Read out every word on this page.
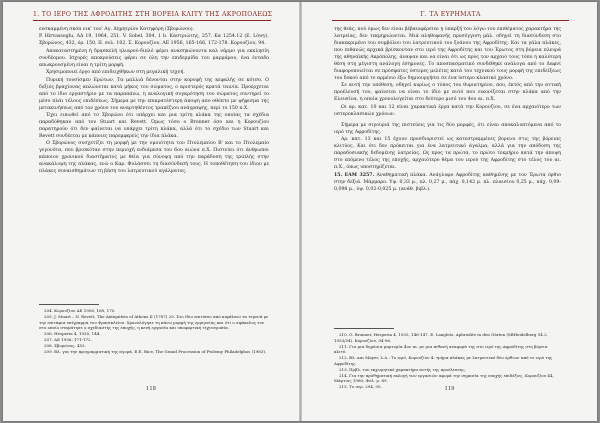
1. ΤΟ ΙΕΡΟ ΤΗΣ ΑΦΡΟΔΙΤΗΣ ΣΤΗ ΒΟΡΕΙΑ ΚΛΙΤΥ ΤΗΣ ΑΚΡΟΠΟΛΕΩΣ

ενσκαμμένη σκόπ νικ' του' Αγ. Δημητρίου Κατηφόρη (Σβορώνου).

P. Hirvassoglu, ΑΔ 19, 1964, 251. V. Sobel, 304, 1 b. Καστριώτης, 257. Κα 1254.12 (Ε. Löwy). Σβορώνος, 432, όρ. 150, ΙΙ. σελ. 102. Σ. Κορουζίου, ΑΕ 1956, 165-166, 172-178. Κορουζίου, 94.

Αποκαταστημένη ή δρασκελή ηλιαρού-διπλό φέρει ανασηκώνοντα καλ νάρμο για εκκλησίη συνδέομου. Ισχυρές αποκρούσεις φέρει σε όλη την επιδερμίδα του μαρμάρου, ένα ένταδο απωκρουσμένη είναι η τρίτη μορφή.

Χρησιμοποιεί έργο από επιδειχθήκων στη μεγαλική τεχνή.

Πυρική τουσίσμεν Ερώτων. Τα μαλλιά δένονται στην κορυφή της κεφαλής σε κότσο. Ο δεξιός βραχίονας απλώνεται κατά μήκος του σώματος, ο αριστερός κρατά ταινία. Προέρχεται από το ίδιο εργαστήριο με τα παραπάνω, η αναλογική συγκρότηση του σώματος συντηρεί το μέσο πλάι τέλους επιδέσεως. Σήμερα με την επικρατέστερη άποψη απο οθόπτο με ψήφισμα της μετακινήσεως από τον χρόνο του αναρτηθέντος τραπέζιου ανάγραψης, περί το 150 π.Χ.

Έχει ειπωθεί από το Σβορώνο ότι υπάρχει και μια τρίτη πλάκα της οποίας τα σχέδια παραδόθηκαν από τον Stuart και Revett. Όμως τόσο ο Bronner όσο και η Κορουζίου παρατηρούν ότι δεν φαίνεται να υπάρχει τρίτη πλάκα, αλλά ότι το σχέδιο των Stuart και Revett συνδέεται με κάποιες παρεμφερείς την ίδια πλάκα.

Ο Σβορώνος συσχετίζει τη μορφή με την ομοιότητα του Πτολεμαίου Β' και το Πτολεμαίο γεγονότα, που βρισκόταν στην περιοχή ενδιάμεσα του 6ου αιώνα π.Χ. Πιστεύει ότι άνθρωποι κάποιου χρονικού διαστήματος με θεία για σύνοψη από την παράδοση της τριπλής στην ανακάλυψη της πλάκας, ενώ ο Καρ. Φυλάσσει τη διασύνδεσή τους. Η τοποθέτηση του ίδιου με πλάκες συναισθημάτων τη βάση του λατρευτικού αγάλματος.

204. Κορουζίου ΑΕ 1956, 168, 170.
205. J. Stuart – N. Revett, The Antiquities of Athens II (1787) 29. Στο ίδιο επιτύπιο από κιφάλαιο τα τεμενά με την επιτάφια επίγραμμα του Φρασικλείου. Χρονολόγησε τη πάνω μορφή της ερμηνείας και ότι ο σφάκελος του στο οποίο σταμάτησε ο σχεδιαστής της εποχής, η κενή εργασία και υποφορτική τεχνοτροπία.
206. Hesperia 4, 1935, 144.
207. ΑΕ 1956, 171-172.
208. Σβορώνος, 453.
209. Βλ. για την προγραμματική της αγορά, E.E. Rice, The Grand Procession of Ptolemy Philadelphos (1983).
118
Γ. ΤΑ ΕΥΡΗΜΑΤΑ

της θεάς, πού όμως δεν είναι βέβαιοφέρεται η ύπαρξή του λόγω του επιθέματος χαρακτήρα της λατρείας, δεν τεκμηριώνεται. Μιά αληθοφανής προσέγγιση μάλ. οδηγεί τη διασύνδεση στο διακεκριμένο του συμβόλου του λατρευτικού του ξοάνου της Αφροδίτης. Και τα γάλα πλάκες, που πιθανώς αρχικά βρίσκονταν στο ιερό της Αφροδίτης και του Έρωτος στη βόρεια πλευρά της αθηναϊκής Ακρόπολης, άναψαν και να είναι ότι ως προς τον αρχαιό τους τόπο η καλύτερη θέση στη μέγιστη ανάλογη έσημονες. Το αποσπασματικό συνδέθηκε ανάλογα από το Δαφνί διαφοροποιείται σε πρόσφατες ύστερες μελέτες κατά του τεχνικού τους μορφή της επιδείξεως του δοκού από το αρμένιο έξω δημιουργήσει σε ένα ύστερο κλασικό χρόνο.

Σε αυτή την υπόθεση, οδηγεί κυρίως ο τύπος του θυμιατηρίου, που, έκτός από την αττική προέλευσή του, φαίνεται να είναι το ίδιο με αυτό που εικονίζεται στην πλάκα από την Ελευσίνα, η οποία χρονολογείται στο δεύτερο μισό του 4ου αι. π.Χ.

Οι αρ. κατ. 10 και 12 είναι χαρακτικά έργα κατά την Κορουζίου, σε ένα αρχαιότερο των υστεροκλασικών χρόνων.

Σήμερα με σιγουριά της πιστεύεις για τις δύο μορφές, ότι είναι αποκαλυπτόμενα από το ιερό της Αφροδίτης.

Αρ. κατ. 13 και 15 έχουν προσδιοριστεί ως κατεστραμμένες βορειοι στις της βόρειας κλιτύος. Και ότι δεν πρόκειται για ένα λατρευτικό άγαλμα, αλλά για την απόδοση της παραδοσιακής δεδομένης λατρείας. Ως προς τα πρώτα, το πρώτο τεκμήριο κατά την άποψη στο επόμενο τέλος της εποχής, αρχαιότερο θέμα του ιερού της Αφροδίτης στο τέλος του αι. π.Χ., όπως υποστηρίζεται.

15. ΕΑΜ 3257. Αναθηματική πλάκα. Ανάγλυφο Αφροδίτης καθημένης με τον Έρωτα όρθιο στην δεξιά. Μάρμαρο. Υψ. 0,33 μ., πλ. 0,27 μ., πάχ. 0,142 μ. πλ. πλαισίου 0,25 μ., πάχ. 0,09-0,098 μ., ύψ. 0,02-0,025 μ. (ανάθ. βιβλ.).

210. O. Bronner, Hesperia 4, 1935, 146-147. E. Langlotz, Aphrodite in den Gärten (SBHeidelberg 54.2, 1953/54). Κορουζίου, 94-96.
211. Για μια δημόσια μαρτυρία 4ου αι. με μια πιθανή αναφορά της στο ιερό της Αφροδίτης στη βόρεια κλιτύ.
212. Βλ. και Mayer, L.Δ.: Το ιερό, Κορουζίου 4: τμήμα πλάκας με λατρευτικό δύο όρθιων από το ιερό της Αφροδίτης.
213. Πρβλ. τον εκχωρητικό χαρακτήρα αυτής της προέλευσης.
214. Για την προθηματική εκλογή των εργασιών αφορά την σημασία της εποχής επιδέξιες, Κορουζίου 44, Μάρτιος 1960, Φυλ. μ. 89.
215. Το σερ. 294, 95.	119
